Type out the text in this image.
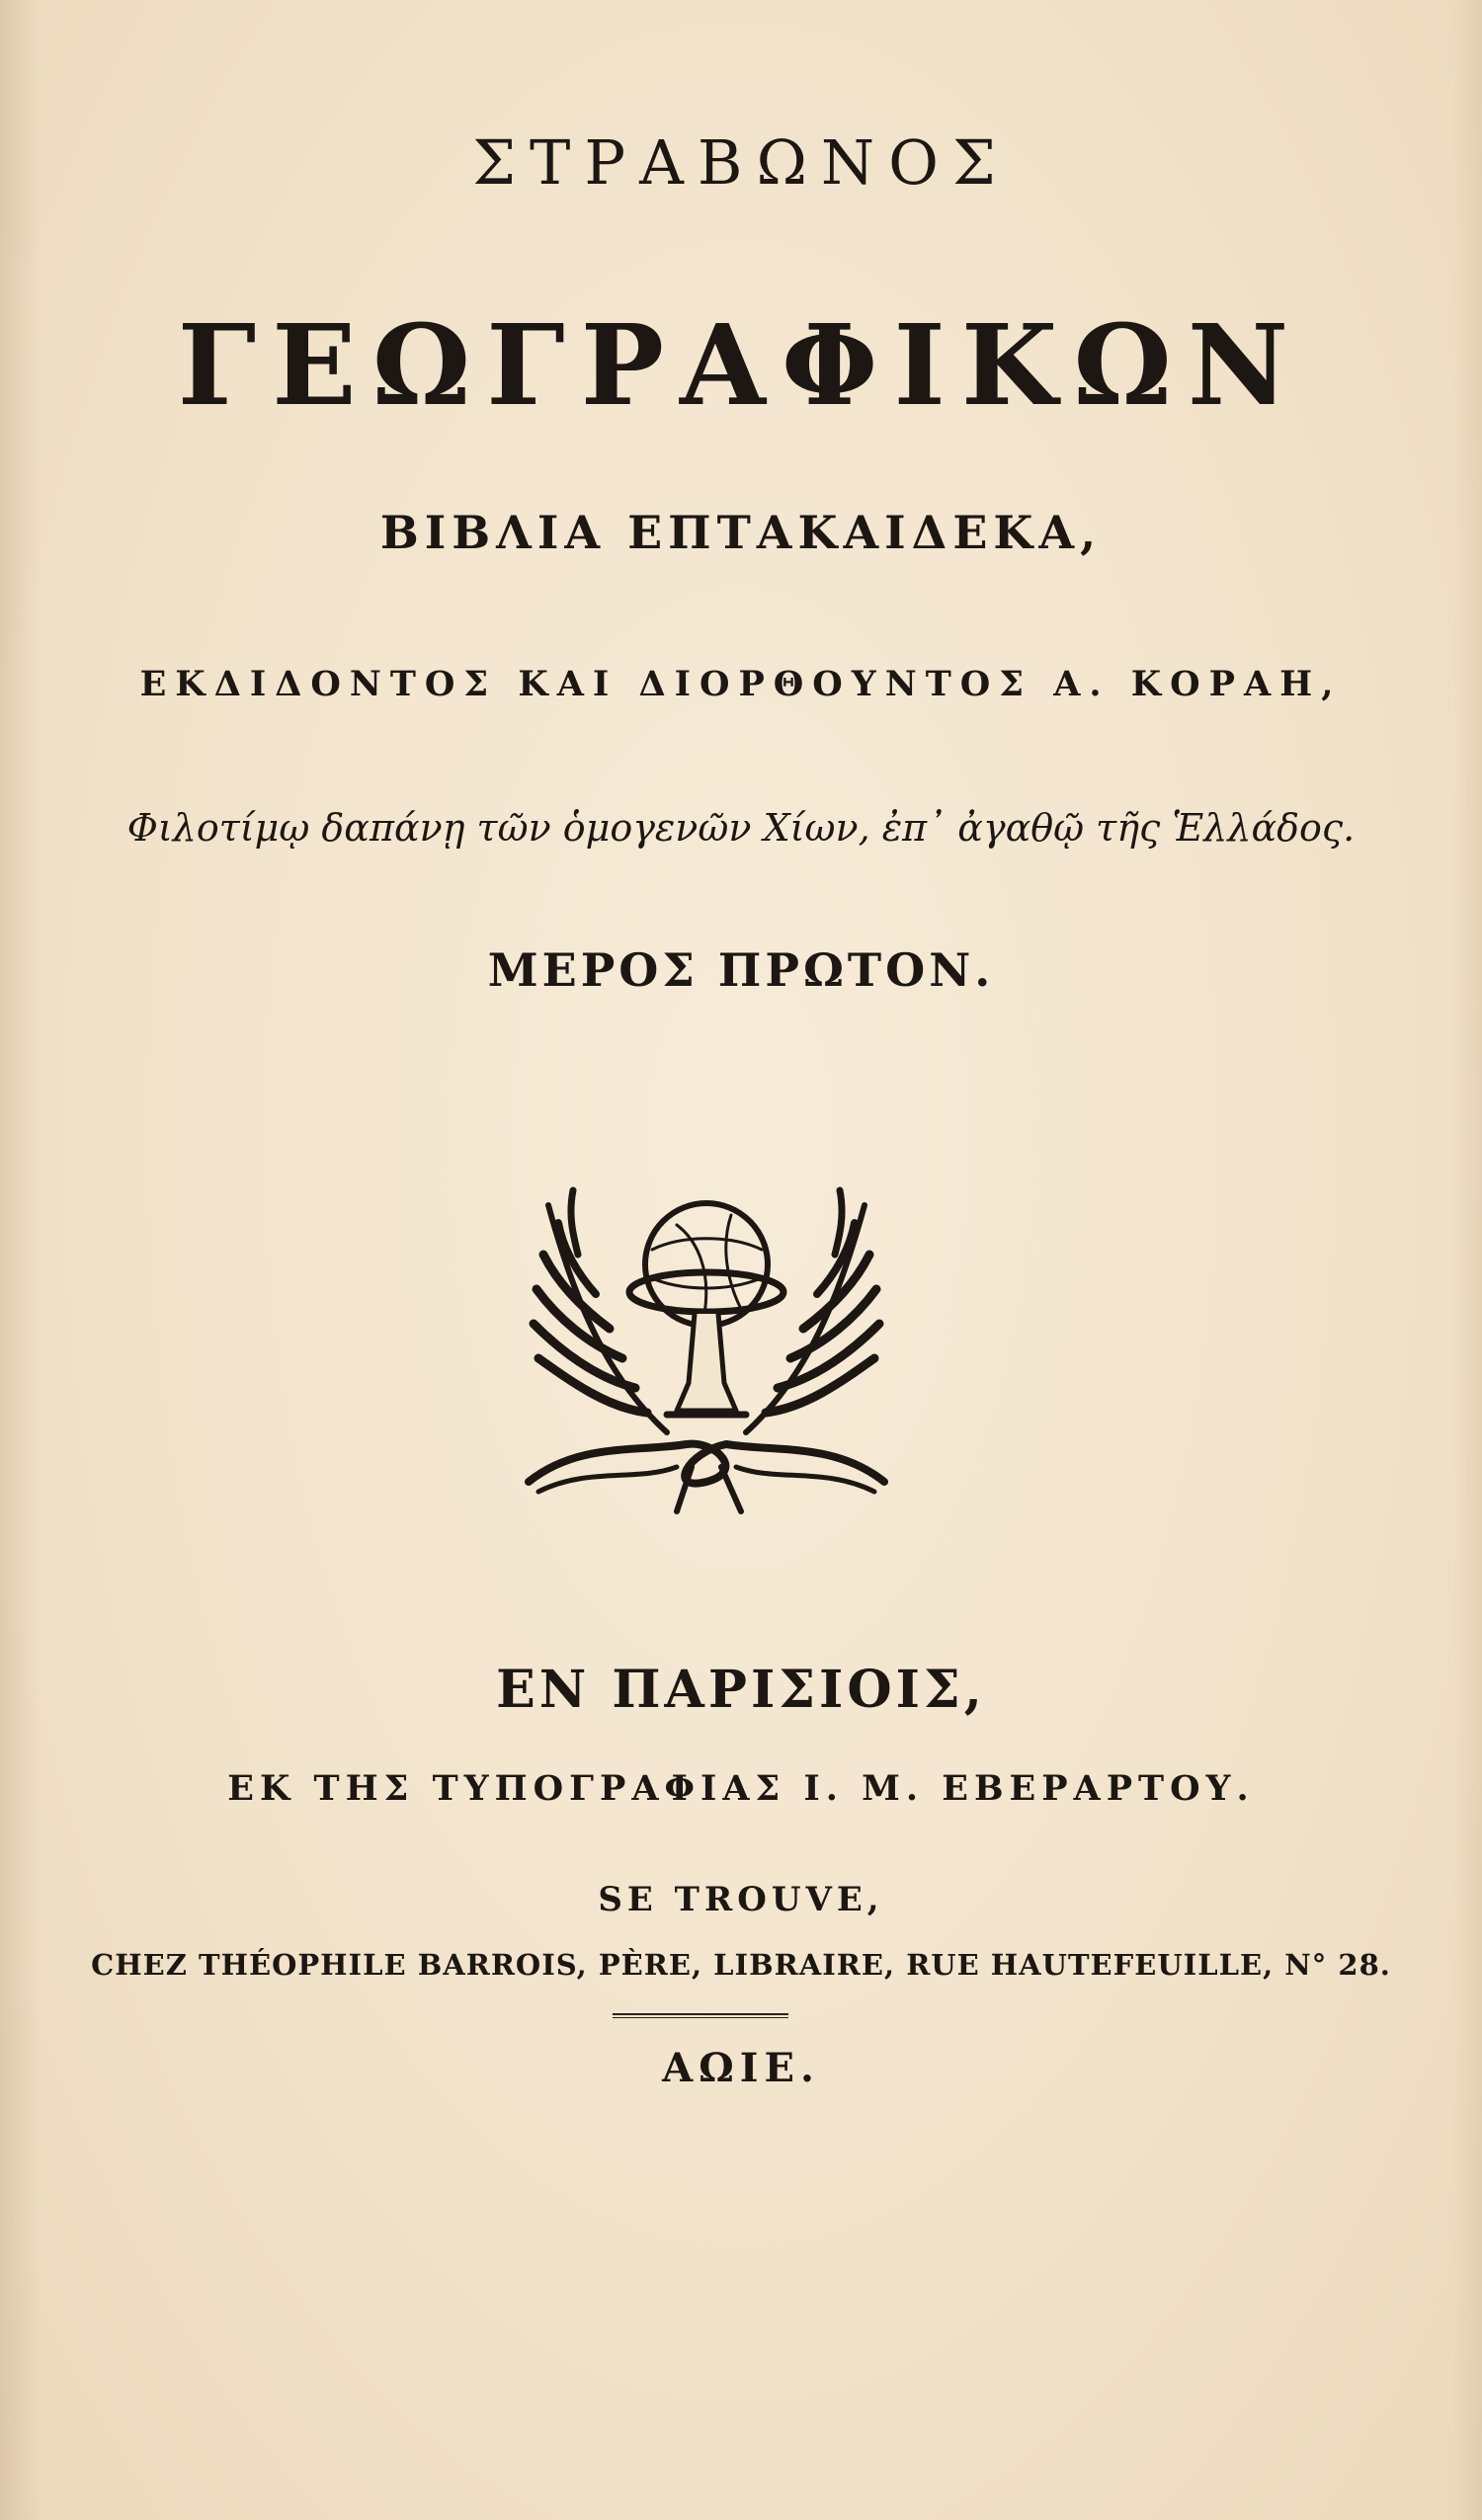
ΣΤΡΑΒΩΝΟΣ
ΓΕΩΓΡΑΦΙΚΩΝ
ΒΙΒΛΙΑ ΕΠΤΑΚΑΙΔΕΚΑ,
ΕΚΔΙΔΟΝΤΟΣ ΚΑΙ ΔΙΟΡΘΟΥΝΤΟΣ Α. ΚΟΡΑΗ,
Φιλοτίμῳ δαπάνῃ τῶν ὁμογενῶν Χίων, ἐπ᾽ ἀγαθῷ τῆς Ἑλλάδος.
ΜΕΡΟΣ ΠΡΩΤΟΝ.
ΕΝ ΠΑΡΙΣΙΟΙΣ,
ΕΚ ΤΗΣ ΤΥΠΟΓΡΑΦΙΑΣ Ι. Μ. ΕΒΕΡΑΡΤΟΥ.
SE TROUVE,
CHEZ THÉOPHILE BARROIS, PÈRE, LIBRAIRE, RUE HAUTEFEUILLE, N° 28.
ΑΩΙΕ.
